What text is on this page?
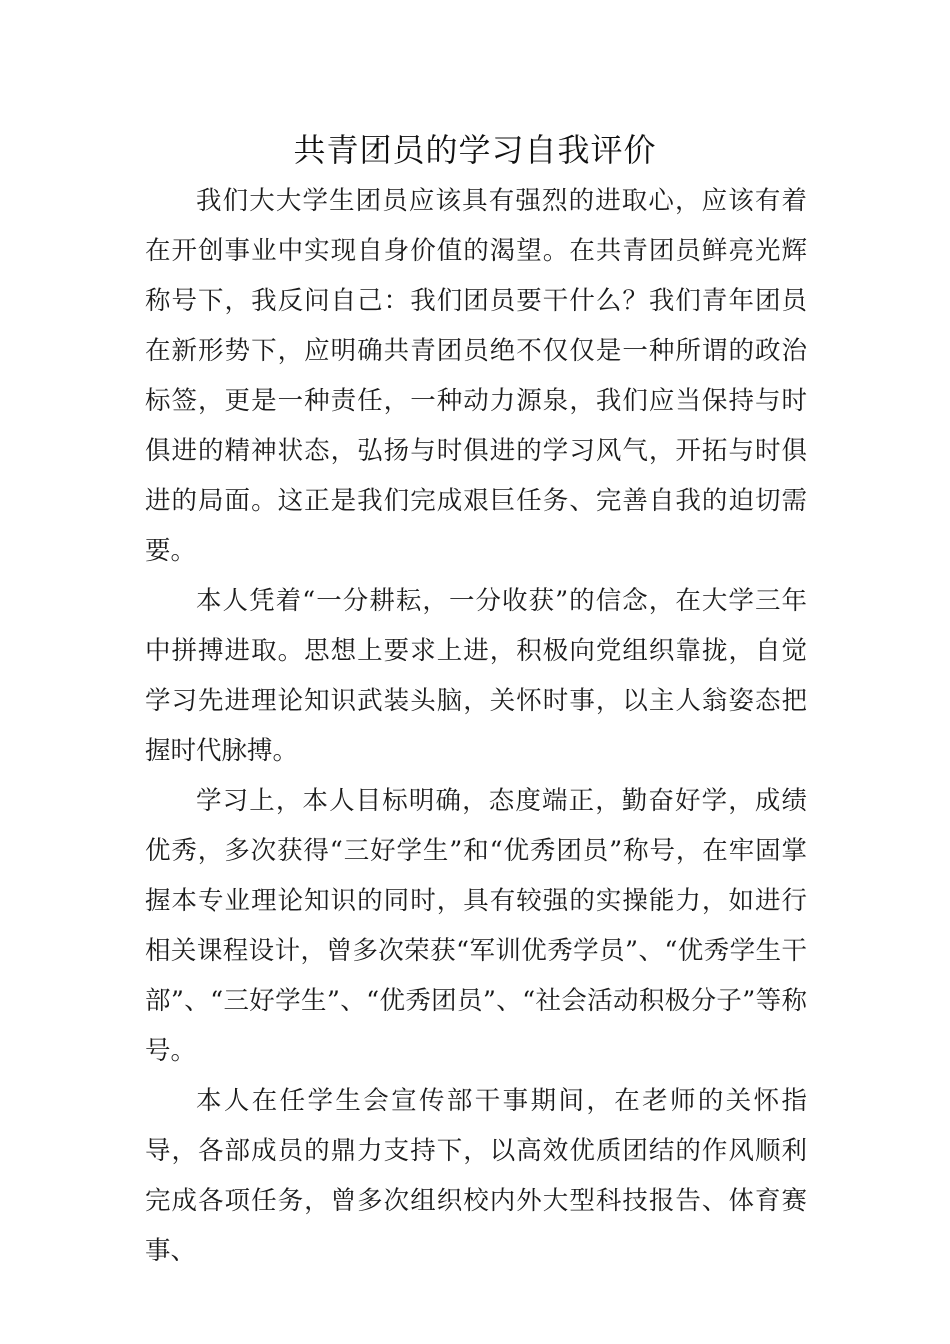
共青团员的学习自我评价

我们大大学生团员应该具有强烈的进取心，应该有着在开创事业中实现自身价值的渴望。在共青团员鲜亮光辉称号下，我反问自己：我们团员要干什么？我们青年团员在新形势下，应明确共青团员绝不仅仅是一种所谓的政治标签，更是一种责任，一种动力源泉，我们应当保持与时俱进的精神状态，弘扬与时俱进的学习风气，开拓与时俱进的局面。这正是我们完成艰巨任务、完善自我的迫切需要。

本人凭着“一分耕耘，一分收获”的信念，在大学三年中拼搏进取。思想上要求上进，积极向党组织靠拢，自觉学习先进理论知识武装头脑，关怀时事，以主人翁姿态把握时代脉搏。

学习上，本人目标明确，态度端正，勤奋好学，成绩优秀，多次获得“三好学生”和“优秀团员”称号，在牢固掌握本专业理论知识的同时，具有较强的实操能力，如进行相关课程设计，曾多次荣获“军训优秀学员”、“优秀学生干部”、“三好学生”、“优秀团员”、“社会活动积极分子”等称号。

本人在任学生会宣传部干事期间，在老师的关怀指导，各部成员的鼎力支持下，以高效优质团结的作风顺利完成各项任务，曾多次组织校内外大型科技报告、体育赛事、
